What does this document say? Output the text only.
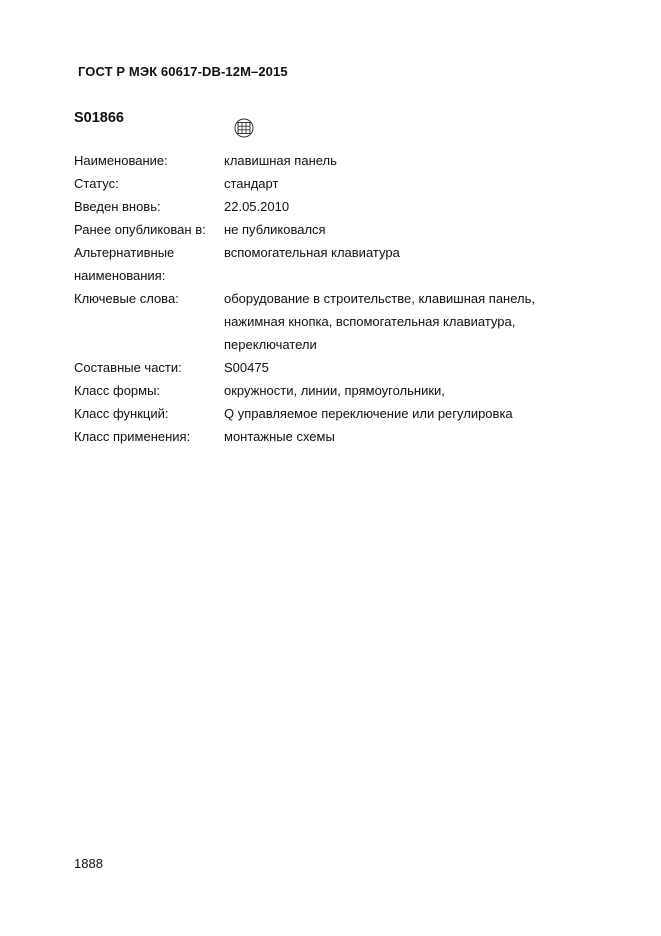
ГОСТ Р МЭК 60617-DB-12M–2015
S01866
Наименование:	клавишная панель
Статус:	стандарт
Введен вновь:	22.05.2010
Ранее опубликован в:	не публиковался
Альтернативные наименования:
вспомогательная клавиатура
Ключевые слова:	оборудование в строительстве, клавишная панель,
нажимная кнопка, вспомогательная клавиатура,
переключатели
Составные части:	S00475
Класс формы:	окружности, линии, прямоугольники,
Класс функций:	Q управляемое переключение или регулировка
Класс применения:	монтажные схемы
1888
